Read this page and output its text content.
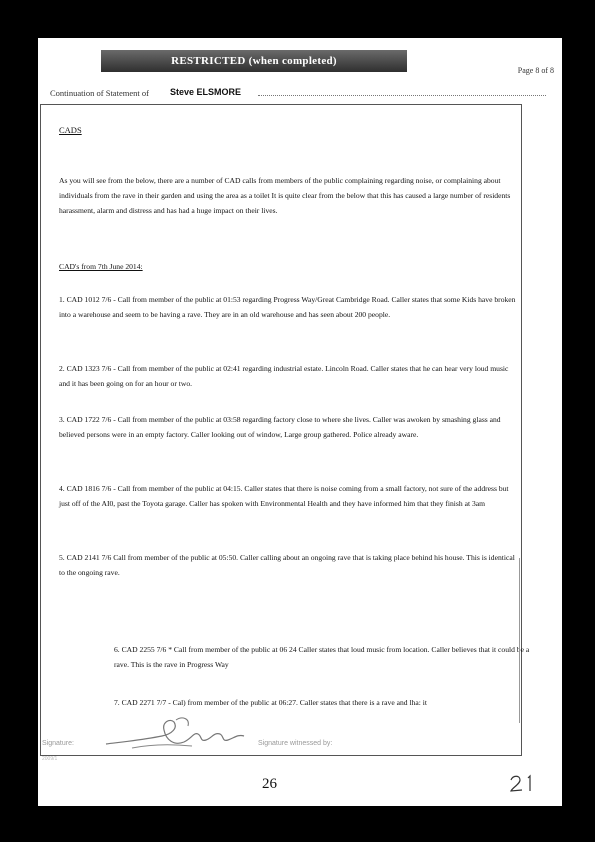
RESTRICTED (when completed)
Page 8 of 8
Continuation of Statement of Steve ELSMORE

CADS

As you will see from the below, there are a number of CAD calls from members of the public complaining regarding noise, or complaining about individuals from the rave in their garden and using the area as a toilet It is quite clear from the below that this has caused a large number of residents harassment, alarm and distress and has had a huge impact on their lives.

CAD's from 7th June 2014:

1. CAD 1012 7/6 - Call from member of the public at 01:53 regarding Progress Way/Great Cambridge Road. Caller states that some Kids have broken into a warehouse and seem to be having a rave. They are in an old warehouse and has seen about 200 people.

2. CAD 1323 7/6 - Call from member of the public at 02:41 regarding industrial estate. Lincoln Road. Caller states that he can hear very loud music and it has been going on for an hour or two.

3. CAD 1722 7/6 - Call from member of the public at 03:58 regarding factory close to where she lives. Caller was awoken by smashing glass and believed persons were in an empty factory. Caller looking out of window, Large group gathered. Police already aware.

4. CAD 1816 7/6 - Call from member of the public at 04:15. Caller states that there is noise coming from a small factory, not sure of the address but just off of the AI0, past the Toyota garage. Caller has spoken with Environmental Health and they have informed him that they finish at 3am

5. CAD 2141 7/6 Call from member of the public at 05:50. Caller calling about an ongoing rave that is taking place behind his house. This is identical to the ongoing rave.

6. CAD 2255 7/6 * Call from member of the public at 06 24 Caller states that loud music from location. Caller believes that it could be a rave. This is the rave in Progress Way

7. CAD 2271 7/7 - Cal) from member of the public at 06:27. Caller states that there is a rave and lha: it

Signature:
2009/1
Signature witnessed by:
26
